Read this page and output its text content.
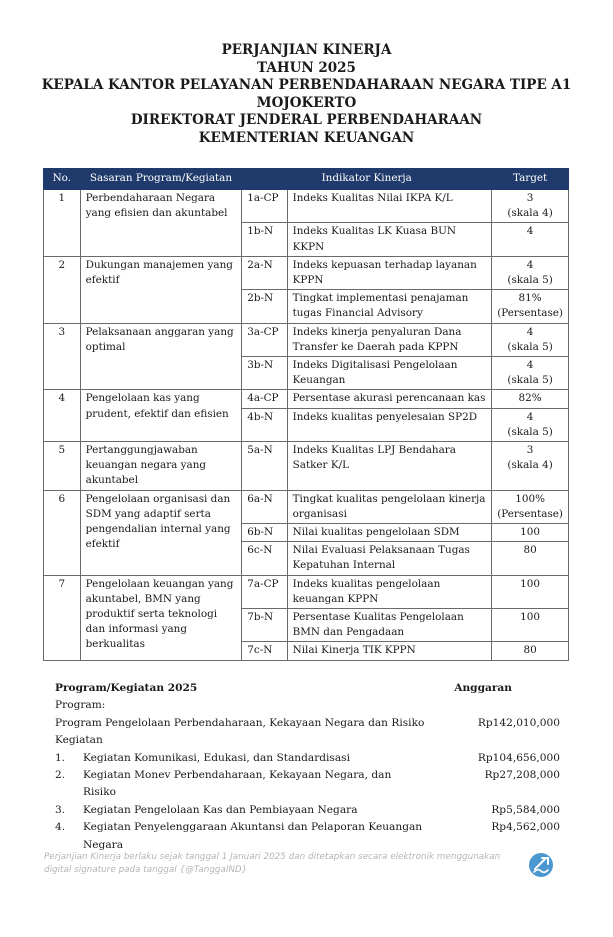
PERJANJIAN KINERJA
TAHUN 2025
KEPALA KANTOR PELAYANAN PERBENDAHARAAN NEGARA TIPE A1
MOJOKERTO
DIREKTORAT JENDERAL PERBENDAHARAAN
KEMENTERIAN KEUANGAN
No.	Sasaran Program/Kegiatan	Indikator Kinerja		Target
1	Perbendaharaan Negara yang efisien dan akuntabel	1a-CP	Indeks Kualitas Nilai IKPA K/L	3
(skala 4)

		1b-N	Indeks Kualitas LK Kuasa BUN KKPN	4

2	Dukungan manajemen yang efektif	2a-N	Indeks kepuasan terhadap layanan KPPN	4
(skala 5)

		2b-N	Tingkat implementasi penajaman tugas Financial Advisory	81%
(Persentase)

3	Pelaksanaan anggaran yang optimal	3a-CP	Indeks kinerja penyaluran Dana Transfer ke Daerah pada KPPN	4
(skala 5)

		3b-N	Indeks Digitalisasi Pengelolaan Keuangan	4
(skala 5)

4	Pengelolaan kas yang prudent, efektif dan efisien	4a-CP	Persentase akurasi perencanaan kas	82%

		4b-N	Indeks kualitas penyelesaian SP2D	4
(skala 5)

5	Pertanggungjawaban keuangan negara yang akuntabel	5a-N	Indeks Kualitas LPJ Bendahara Satker K/L	3
(skala 4)

6	Pengelolaan organisasi dan SDM yang adaptif serta pengendalian internal yang efektif	6a-N	Tingkat kualitas pengelolaan kinerja organisasi	100%
(Persentase)

		6b-N	Nilai kualitas pengelolaan SDM	100

		6c-N	Nilai Evaluasi Pelaksanaan Tugas Kepatuhan Internal	80

7	Pengelolaan keuangan yang akuntabel, BMN yang produktif serta teknologi dan informasi yang berkualitas	7a-CP	Indeks kualitas pengelolaan keuangan KPPN	100

		7b-N	Persentase Kualitas Pengelolaan BMN dan Pengadaan	100

		7c-N	Nilai Kinerja TIK KPPN	80
Program/Kegiatan 2025	Anggaran
Program:
Program Pengelolaan Perbendaharaan, Kekayaan Negara dan Risiko	Rp142,010,000
Kegiatan
1.	Kegiatan Komunikasi, Edukasi, dan Standardisasi	Rp104,656,000
2.	Kegiatan Monev Perbendaharaan, Kekayaan Negara, dan Risiko
Rp27,208,000
3.	Kegiatan Pengelolaan Kas dan Pembiayaan Negara	Rp5,584,000
4.	Kegiatan Penyelenggaraan Akuntansi dan Pelaporan Keuangan Negara
Rp4,562,000
Perjanjian Kinerja berlaku sejak tanggal 1 Januari 2025 dan ditetapkan secara elektronik menggunakan digital signature pada tanggal {@TanggalND}
